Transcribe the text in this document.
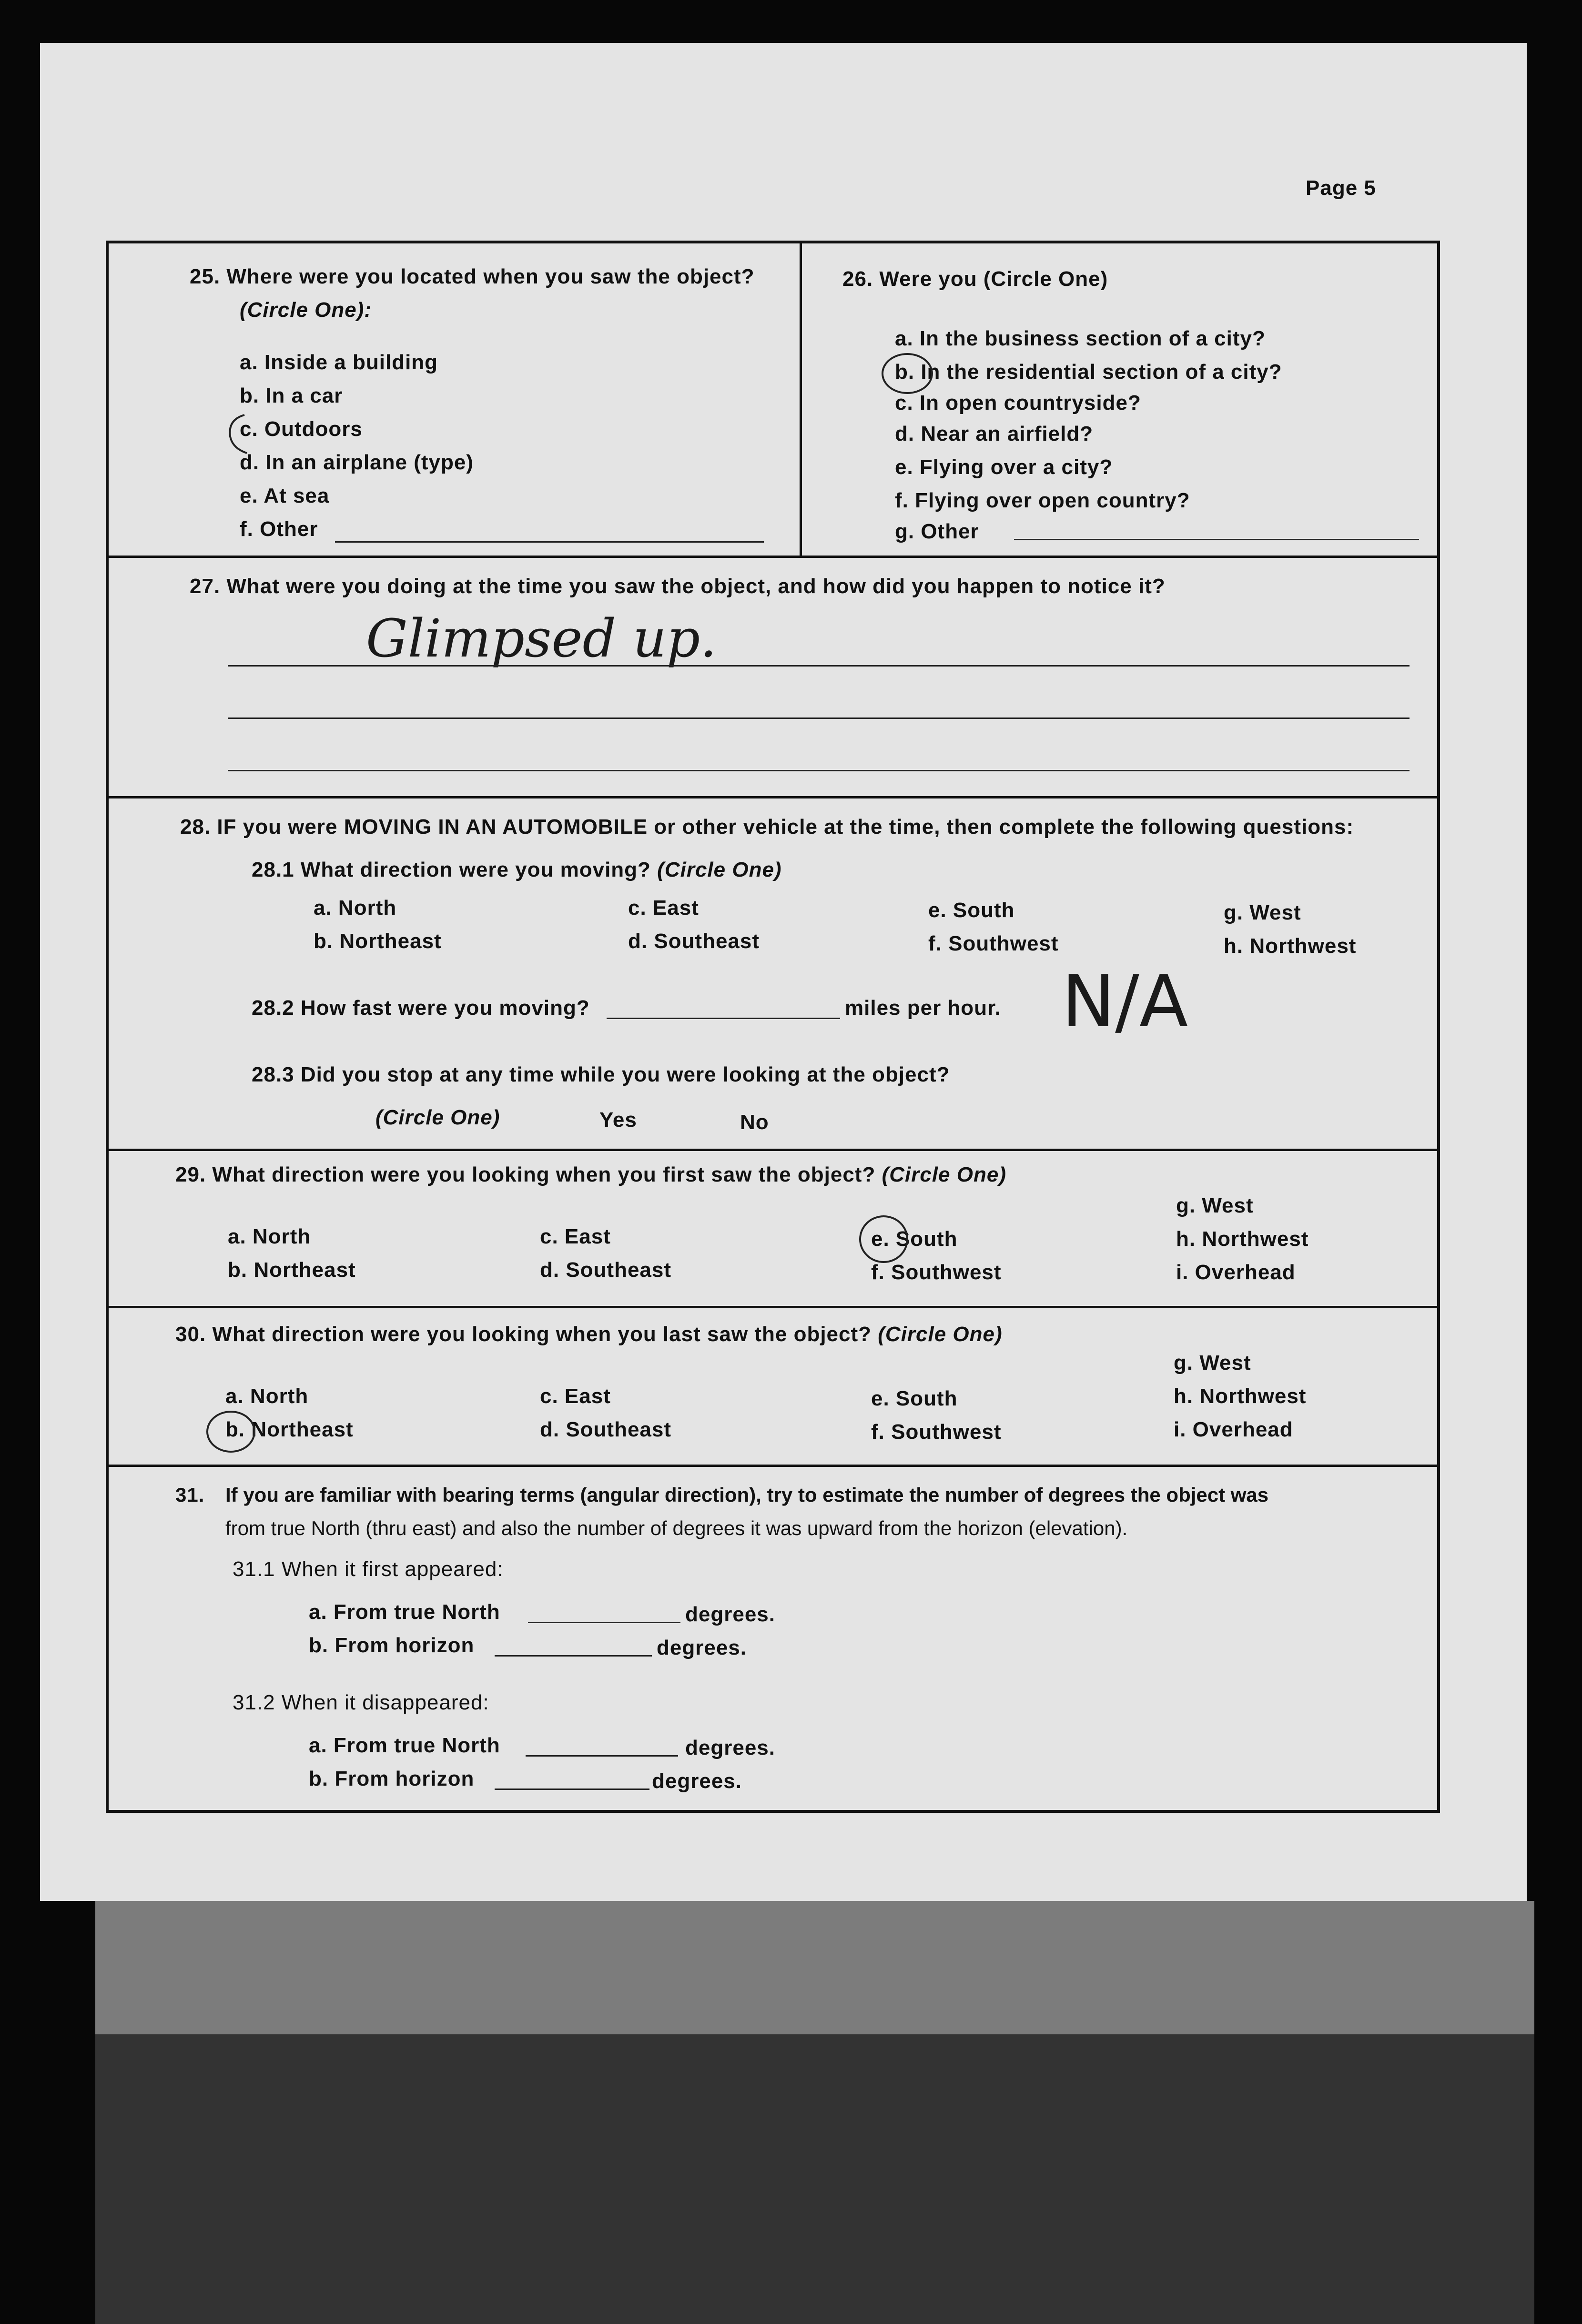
Page 5
25. Where were you located when you saw the object?
(Circle One):
a. Inside a building
b. In a car
c. Outdoors
d. In an airplane (type)
e. At sea
f. Other
26. Were you (Circle One)
a. In the business section of a city?
b. In the residential section of a city?
c. In open countryside?
d. Near an airfield?
e. Flying over a city?
f. Flying over open country?
g. Other
27. What were you doing at the time you saw the object, and how did you happen to notice it?
Glimpsed up.
28. IF you were MOVING IN AN AUTOMOBILE or other vehicle at the time, then complete the following questions:
28.1 What direction were you moving? (Circle One)
a. North
b. Northeast
c. East
d. Southeast
e. South
f. Southwest
g. West
h. Northwest
28.2 How fast were you moving?	miles per hour. N/A
28.3 Did you stop at any time while you were looking at the object?
(Circle One)	Yes	No
29. What direction were you looking when you first saw the object? (Circle One)
a. North
b. Northeast
c. East
d. Southeast
e. South
f. Southwest
g. West
h. Northwest
i. Overhead
30. What direction were you looking when you last saw the object? (Circle One)
a. North
b. Northeast
c. East
d. Southeast
e. South
f. Southwest
g. West
h. Northwest
i. Overhead
31. If you are familiar with bearing terms (angular direction), try to estimate the number of degrees the object was
from true North (thru east) and also the number of degrees it was upward from the horizon (elevation).
31.1 When it first appeared:
a. From true North	degrees.
b. From horizon	degrees.
31.2 When it disappeared:
a. From true North	degrees.
b. From horizon	degrees.
